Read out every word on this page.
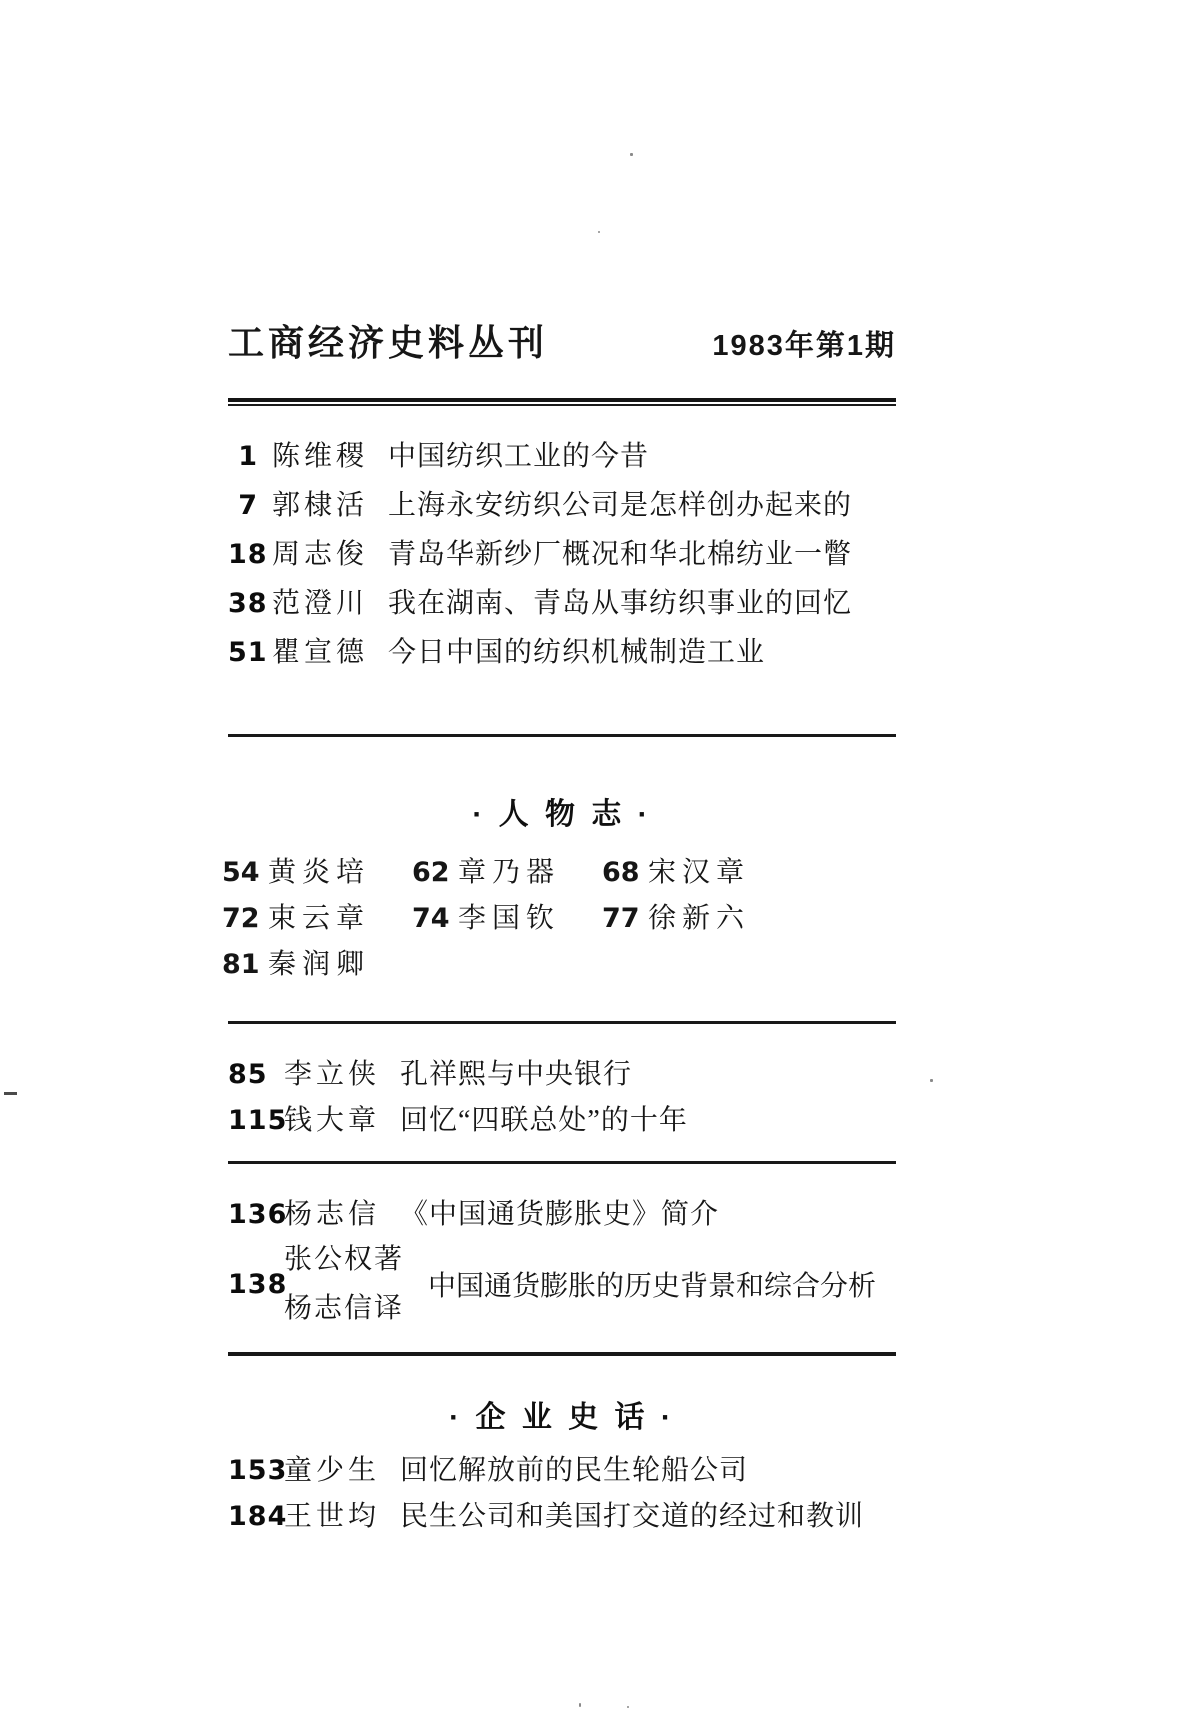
工商经济史料丛刊	1983年第1期
1 陈维稷 中国纺织工业的今昔
7 郭棣活 上海永安纺织公司是怎样创办起来的
18 周志俊 青岛华新纱厂概况和华北棉纺业一瞥
38 范澄川 我在湖南、青岛从事纺织事业的回忆
51 瞿宣德 今日中国的纺织机械制造工业
· 人 物 志 ·
54 黄炎培 62 章乃器 68 宋汉章
72 束云章 74 李国钦 77 徐新六
81 秦润卿
85 李立侠 孔祥熙与中央银行
115
钱大章 回忆“四联总处”的十年
136
杨志信 《中国通货膨胀史》简介
138
张公权著
杨志信译
中国通货膨胀的历史背景和综合分析
· 企 业 史 话 ·
153
童少生 回忆解放前的民生轮船公司
184
王世均 民生公司和美国打交道的经过和教训
